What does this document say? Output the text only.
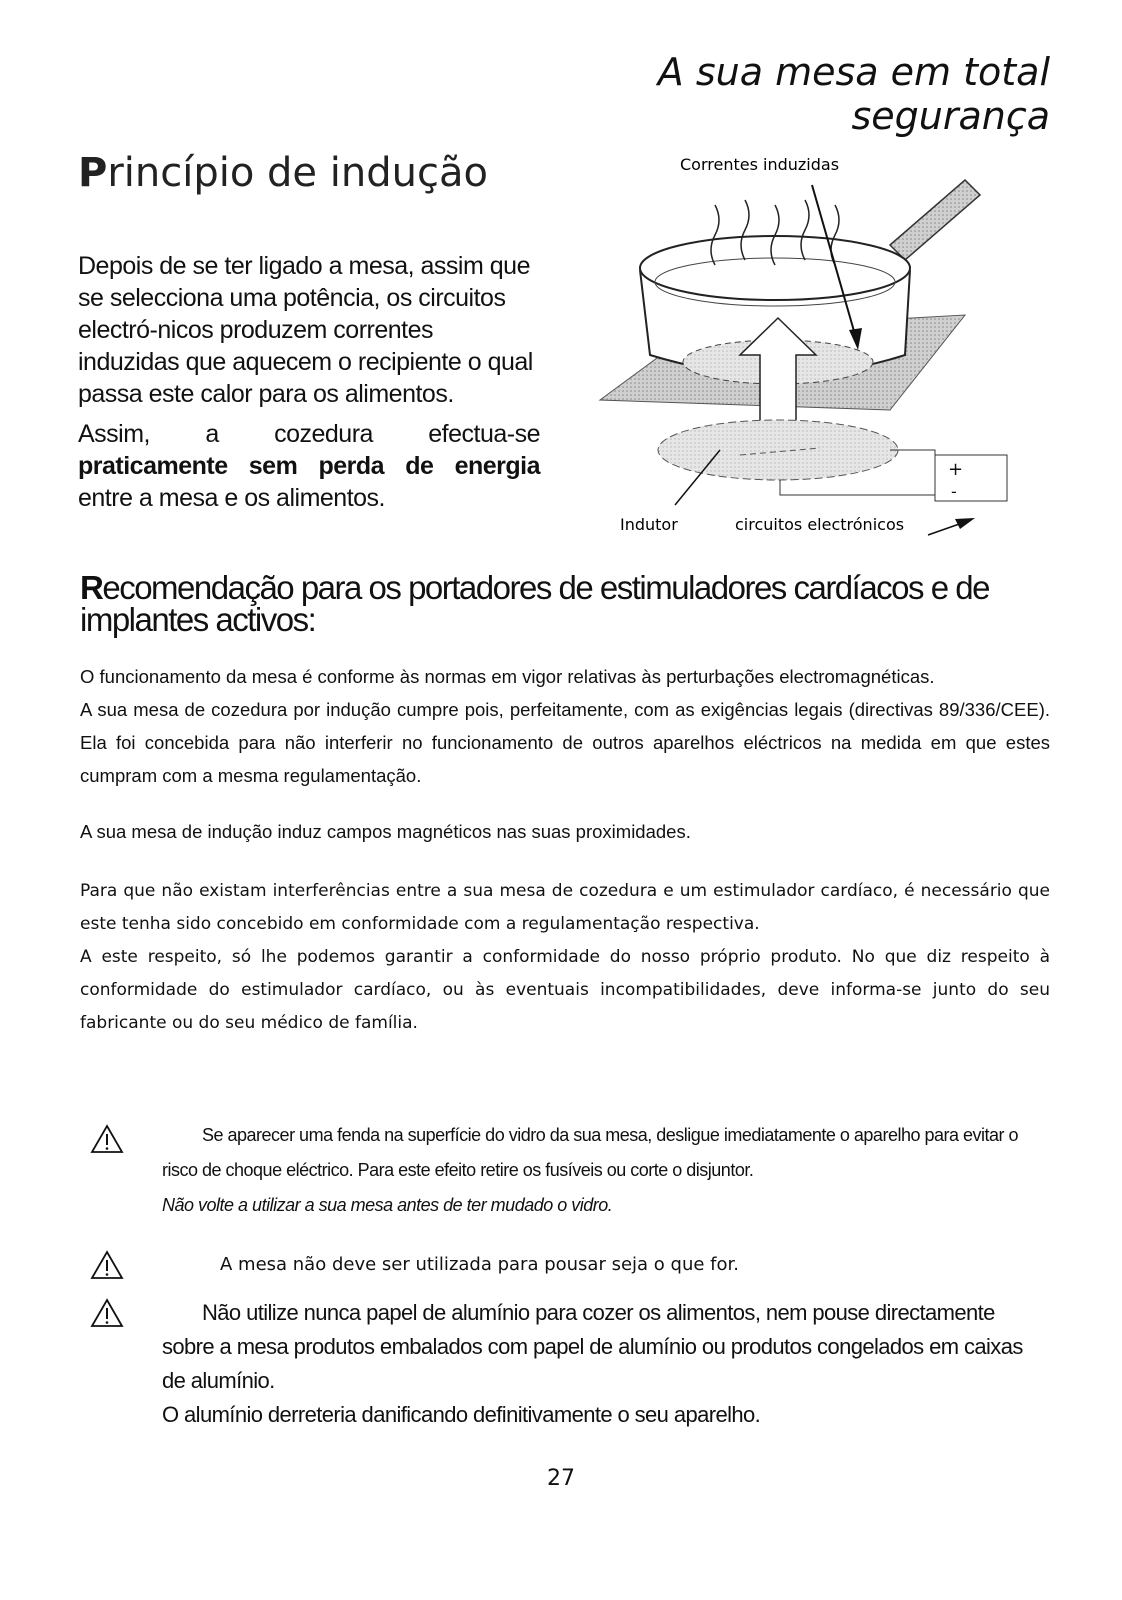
A sua mesa em total segurança
Princípio de indução

Depois de se ter ligado a mesa, assim que se selecciona uma potência, os circuitos electró-nicos produzem correntes induzidas que aquecem o recipiente o qual passa este calor para os alimentos.

Assim, a cozedura efectua-se praticamente sem perda de energia entre a mesa e os alimentos.

+
-
Correntes induzidas
Indutor	circuitos electrónicos
Recomendação para os portadores de estimuladores cardíacos e de implantes activos:

O funcionamento da mesa é conforme às normas em vigor relativas às perturbações electromagnéticas.

A sua mesa de cozedura por indução cumpre pois, perfeitamente, com as exigências legais (directivas 89/336/CEE). Ela foi concebida para não interferir no funcionamento de outros aparelhos eléctricos na medida em que estes cumpram com a mesma regulamentação.

A sua mesa de indução induz campos magnéticos nas suas proximidades.

Para que não existam interferências entre a sua mesa de cozedura e um estimulador cardíaco, é necessário que este tenha sido concebido em conformidade com a regulamentação respectiva.

A este respeito, só lhe podemos garantir a conformidade do nosso próprio produto. No que diz respeito à conformidade do estimulador cardíaco, ou às eventuais incompatibilidades, deve informa-se junto do seu fabricante ou do seu médico de família.

Se aparecer uma fenda na superfície do vidro da sua mesa, desligue imediatamente o aparelho para evitar o risco de choque eléctrico. Para este efeito retire os fusíveis ou corte o disjuntor.
Não volte a utilizar a sua mesa antes de ter mudado o vidro.
A mesa não deve ser utilizada para pousar seja o que for.
Não utilize nunca papel de alumínio para cozer os alimentos, nem pouse directamente sobre a mesa produtos embalados com papel de alumínio ou produtos congelados em caixas de alumínio.
O alumínio derreteria danificando definitivamente o seu aparelho.
27
